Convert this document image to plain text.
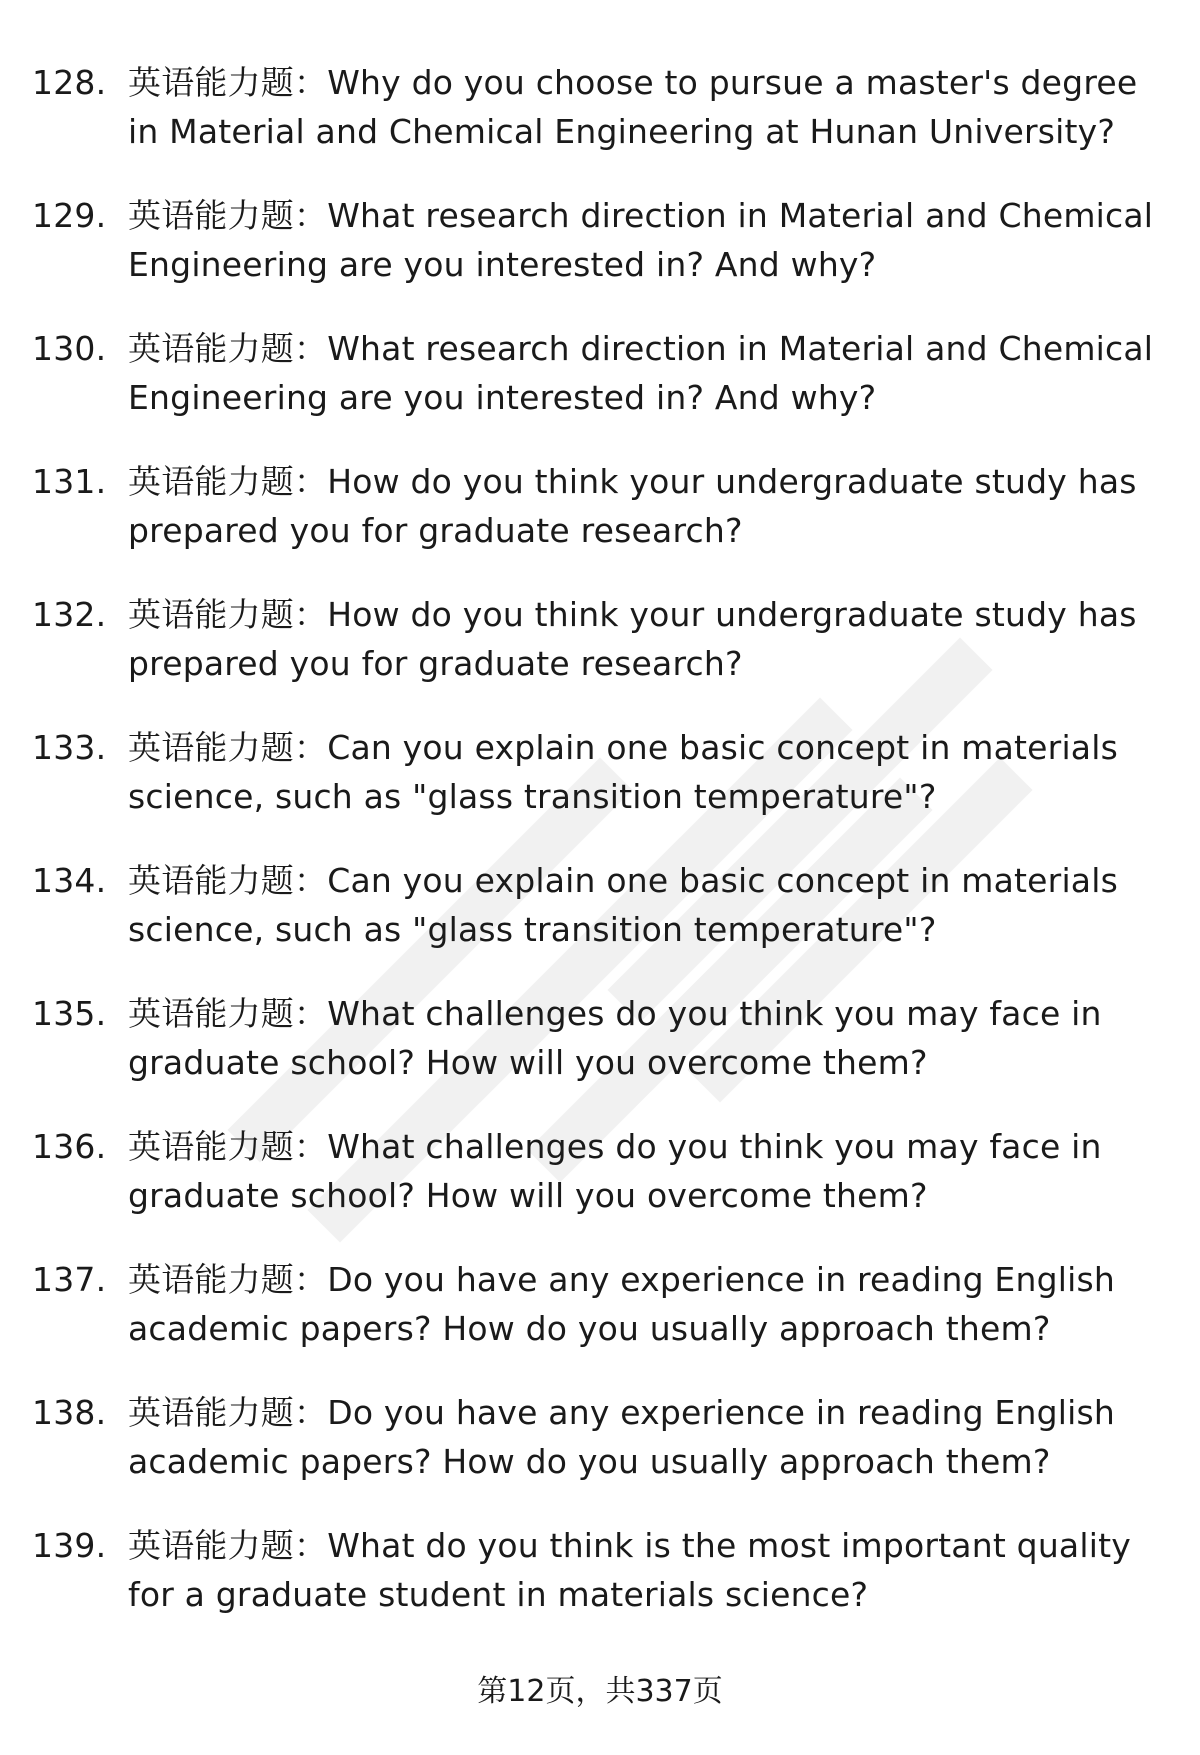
128. 英语能力题：Why do you choose to pursue a master's degree in Material and Chemical Engineering at Hunan University?
129. 英语能力题：What research direction in Material and Chemical Engineering are you interested in? And why?
130. 英语能力题：What research direction in Material and Chemical Engineering are you interested in? And why?
131. 英语能力题：How do you think your undergraduate study has prepared you for graduate research?
132. 英语能力题：How do you think your undergraduate study has prepared you for graduate research?
133. 英语能力题：Can you explain one basic concept in materials science, such as "glass transition temperature"?
134. 英语能力题：Can you explain one basic concept in materials science, such as "glass transition temperature"?
135. 英语能力题：What challenges do you think you may face in graduate school? How will you overcome them?
136. 英语能力题：What challenges do you think you may face in graduate school? How will you overcome them?
137. 英语能力题：Do you have any experience in reading English academic papers? How do you usually approach them?
138. 英语能力题：Do you have any experience in reading English academic papers? How do you usually approach them?
139. 英语能力题：What do you think is the most important quality for a graduate student in materials science?
第12页，共337页
